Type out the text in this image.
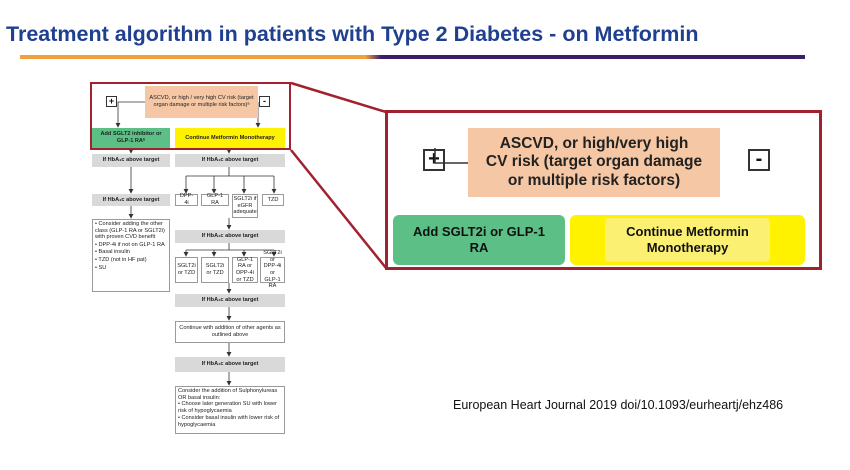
Treatment algorithm in patients with Type 2 Diabetes - on Metformin
ASCVD, or high / very high CV risk (target organ damage or multiple risk factors)ᵃ
+	-
Add SGLT2 inhibitor or GLP-1 RAᵇ
Continue Metformin Monotherapy
If HbA₁c above target	If HbA₁c above target
If HbA₁c above target
• Consider adding the other class (GLP-1 RA or SGLT2i) with proven CVD benefit
• DPP-4i if not on GLP-1 RA
• Basal insulin
• TZD (not in HF pat)
• SU
DPP-4i
GLP-1 RA
SGLT2i if eGFR adequate
TZD
If HbA₁c above target
SGLT2i or TZD
SGLT2i or TZD
GLP-1 RA or DPP-4i or TZD
SGLT2i or DPP-4i or GLP-1 RA
If HbA₁c above target
Continue with addition of other agents as outlined above
If HbA₁c above target
Consider the addition of Sulphonylureas OR basal insulin:
• Choose later generation SU with lower risk of hypoglycaemia
• Consider basal insulin with lower risk of hypoglycaemia
ASCVD, or high/very high
CV risk (target organ damage
or multiple risk factors)
+	-
Add SGLT2i or GLP-1 RA
Continue Metformin Monotherapy
European Heart Journal 2019 doi/10.1093/eurheartj/ehz486
